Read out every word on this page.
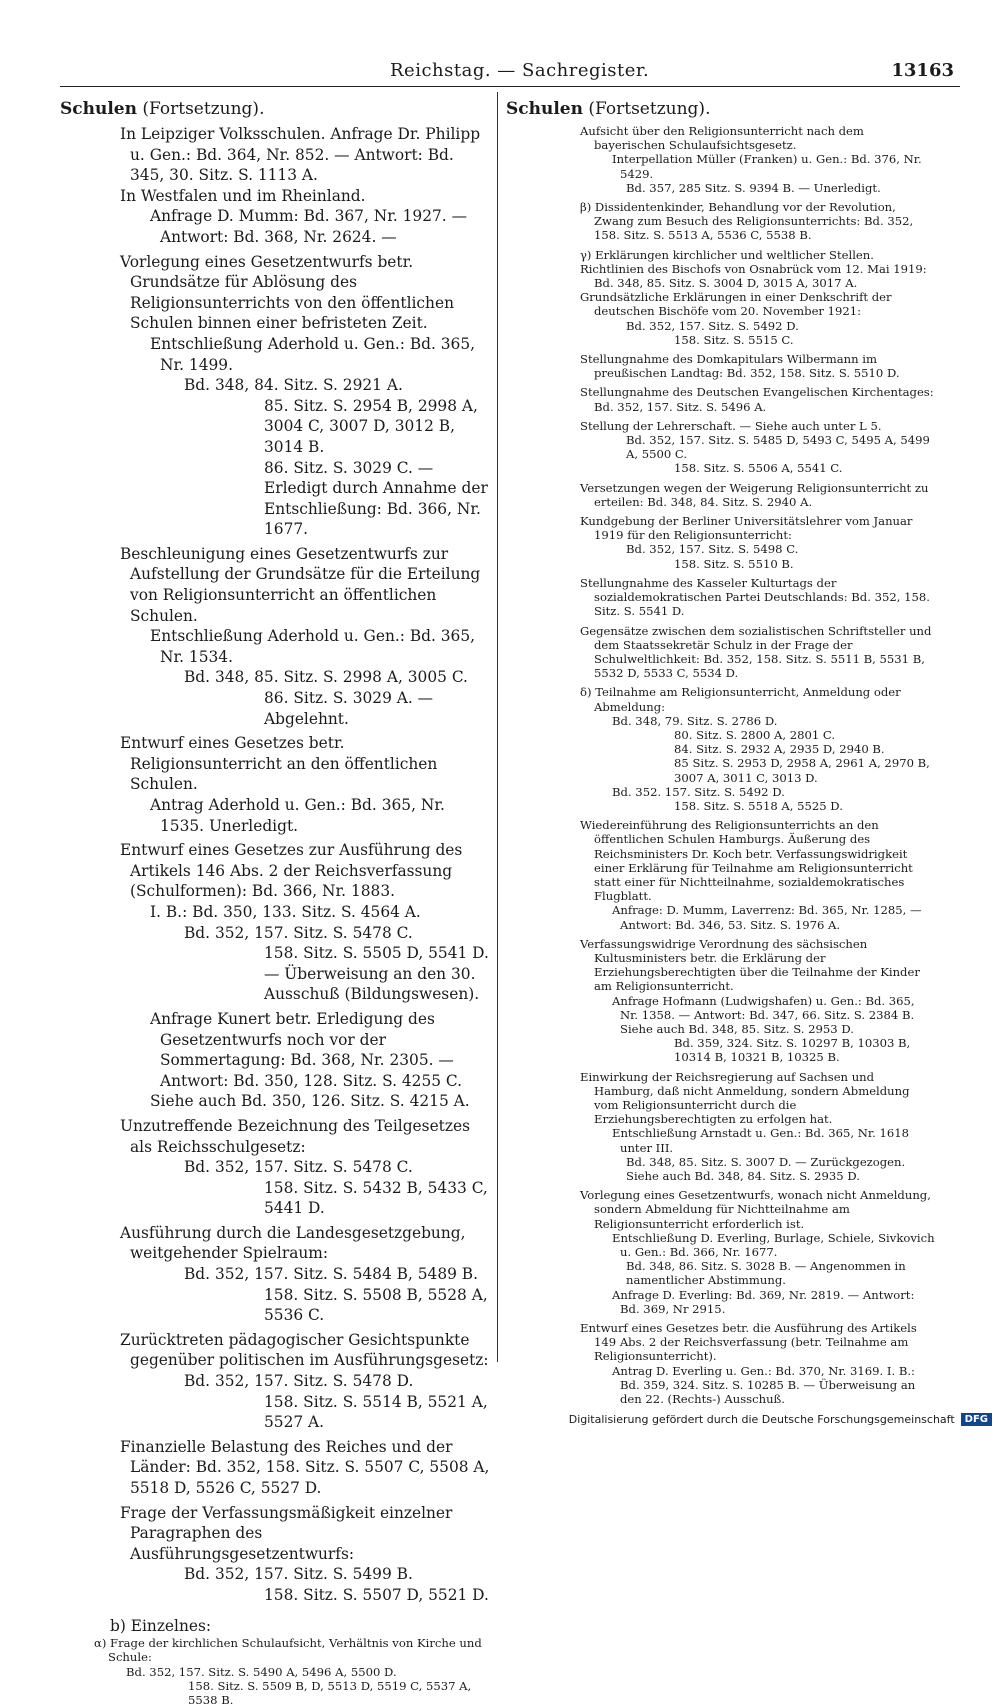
Reichstag. — Sachregister.	13163
Schulen (Fortsetzung).

In Leipziger Volksschulen. Anfrage Dr. Philipp u. Gen.: Bd. 364, Nr. 852. — Antwort: Bd. 345, 30. Sitz. S. 1113 A.

In Westfalen und im Rheinland.

Anfrage D. Mumm: Bd. 367, Nr. 1927. — Antwort: Bd. 368, Nr. 2624. —

Vorlegung eines Gesetzentwurfs betr. Grundsätze für Ablösung des Religionsunterrichts von den öffentlichen Schulen binnen einer befristeten Zeit.

Entschließung Aderhold u. Gen.: Bd. 365, Nr. 1499.

Bd. 348, 84. Sitz. S. 2921 A.

85. Sitz. S. 2954 B, 2998 A, 3004 C, 3007 D, 3012 B, 3014 B.

86. Sitz. S. 3029 C. — Erledigt durch Annahme der Entschließung: Bd. 366, Nr. 1677.

Beschleunigung eines Gesetzentwurfs zur Aufstellung der Grundsätze für die Erteilung von Religionsunterricht an öffentlichen Schulen.

Entschließung Aderhold u. Gen.: Bd. 365, Nr. 1534.

Bd. 348, 85. Sitz. S. 2998 A, 3005 C.

86. Sitz. S. 3029 A. — Abgelehnt.

Entwurf eines Gesetzes betr. Religionsunterricht an den öffentlichen Schulen.

Antrag Aderhold u. Gen.: Bd. 365, Nr. 1535. Unerledigt.

Entwurf eines Gesetzes zur Ausführung des Artikels 146 Abs. 2 der Reichsverfassung (Schulformen): Bd. 366, Nr. 1883.

I. B.: Bd. 350, 133. Sitz. S. 4564 A.

Bd. 352, 157. Sitz. S. 5478 C.

158. Sitz. S. 5505 D, 5541 D. — Überweisung an den 30. Ausschuß (Bildungswesen).

Anfrage Kunert betr. Erledigung des Gesetzentwurfs noch vor der Sommertagung: Bd. 368, Nr. 2305. — Antwort: Bd. 350, 128. Sitz. S. 4255 C.

Siehe auch Bd. 350, 126. Sitz. S. 4215 A.

Unzutreffende Bezeichnung des Teilgesetzes als Reichsschulgesetz:

Bd. 352, 157. Sitz. S. 5478 C.

158. Sitz. S. 5432 B, 5433 C, 5441 D.

Ausführung durch die Landesgesetzgebung, weitgehender Spielraum:

Bd. 352, 157. Sitz. S. 5484 B, 5489 B.

158. Sitz. S. 5508 B, 5528 A, 5536 C.

Zurücktreten pädagogischer Gesichtspunkte gegenüber politischen im Ausführungsgesetz:

Bd. 352, 157. Sitz. S. 5478 D.

158. Sitz. S. 5514 B, 5521 A, 5527 A.

Finanzielle Belastung des Reiches und der Länder: Bd. 352, 158. Sitz. S. 5507 C, 5508 A, 5518 D, 5526 C, 5527 D.

Frage der Verfassungsmäßigkeit einzelner Paragraphen des Ausführungsgesetzentwurfs:

Bd. 352, 157. Sitz. S. 5499 B.

158. Sitz. S. 5507 D, 5521 D.

b) Einzelnes:

α) Frage der kirchlichen Schulaufsicht, Verhältnis von Kirche und Schule:

Bd. 352, 157. Sitz. S. 5490 A, 5496 A, 5500 D.

158. Sitz. S. 5509 B, D, 5513 D, 5519 C, 5537 A, 5538 B.

Schulen (Fortsetzung).

Aufsicht über den Religionsunterricht nach dem bayerischen Schulaufsichtsgesetz.

Interpellation Müller (Franken) u. Gen.: Bd. 376, Nr. 5429.

Bd. 357, 285 Sitz. S. 9394 B. — Unerledigt.

β) Dissidentenkinder, Behandlung vor der Revolution, Zwang zum Besuch des Religionsunterrichts: Bd. 352, 158. Sitz. S. 5513 A, 5536 C, 5538 B.

γ) Erklärungen kirchlicher und weltlicher Stellen.

Richtlinien des Bischofs von Osnabrück vom 12. Mai 1919: Bd. 348, 85. Sitz. S. 3004 D, 3015 A, 3017 A.

Grundsätzliche Erklärungen in einer Denkschrift der deutschen Bischöfe vom 20. November 1921:

Bd. 352, 157. Sitz. S. 5492 D.

158. Sitz. S. 5515 C.

Stellungnahme des Domkapitulars Wilbermann im preußischen Landtag: Bd. 352, 158. Sitz. S. 5510 D.

Stellungnahme des Deutschen Evangelischen Kirchentages: Bd. 352, 157. Sitz. S. 5496 A.

Stellung der Lehrerschaft. — Siehe auch unter L 5.

Bd. 352, 157. Sitz. S. 5485 D, 5493 C, 5495 A, 5499 A, 5500 C.

158. Sitz. S. 5506 A, 5541 C.

Versetzungen wegen der Weigerung Religionsunterricht zu erteilen: Bd. 348, 84. Sitz. S. 2940 A.

Kundgebung der Berliner Universitätslehrer vom Januar 1919 für den Religionsunterricht:

Bd. 352, 157. Sitz. S. 5498 C.

158. Sitz. S. 5510 B.

Stellungnahme des Kasseler Kulturtags der sozialdemokratischen Partei Deutschlands: Bd. 352, 158. Sitz. S. 5541 D.

Gegensätze zwischen dem sozialistischen Schriftsteller und dem Staatssekretär Schulz in der Frage der Schulweltlichkeit: Bd. 352, 158. Sitz. S. 5511 B, 5531 B, 5532 D, 5533 C, 5534 D.

δ) Teilnahme am Religionsunterricht, Anmeldung oder Abmeldung:

Bd. 348, 79. Sitz. S. 2786 D.

80. Sitz. S. 2800 A, 2801 C.

84. Sitz. S. 2932 A, 2935 D, 2940 B.

85 Sitz. S. 2953 D, 2958 A, 2961 A, 2970 B, 3007 A, 3011 C, 3013 D.

Bd. 352. 157. Sitz. S. 5492 D.

158. Sitz. S. 5518 A, 5525 D.

Wiedereinführung des Religionsunterrichts an den öffentlichen Schulen Hamburgs. Äußerung des Reichsministers Dr. Koch betr. Verfassungswidrigkeit einer Erklärung für Teilnahme am Religionsunterricht statt einer für Nichtteilnahme, sozialdemokratisches Flugblatt.

Anfrage: D. Mumm, Laverrenz: Bd. 365, Nr. 1285, — Antwort: Bd. 346, 53. Sitz. S. 1976 A.

Verfassungswidrige Verordnung des sächsischen Kultusministers betr. die Erklärung der Erziehungsberechtigten über die Teilnahme der Kinder am Religionsunterricht.

Anfrage Hofmann (Ludwigshafen) u. Gen.: Bd. 365, Nr. 1358. — Antwort: Bd. 347, 66. Sitz. S. 2384 B. Siehe auch Bd. 348, 85. Sitz. S. 2953 D.

Bd. 359, 324. Sitz. S. 10297 B, 10303 B, 10314 B, 10321 B, 10325 B.

Einwirkung der Reichsregierung auf Sachsen und Hamburg, daß nicht Anmeldung, sondern Abmeldung vom Religionsunterricht durch die Erziehungsberechtigten zu erfolgen hat.

Entschließung Arnstadt u. Gen.: Bd. 365, Nr. 1618 unter III.

Bd. 348, 85. Sitz. S. 3007 D. — Zurückgezogen. Siehe auch Bd. 348, 84. Sitz. S. 2935 D.

Vorlegung eines Gesetzentwurfs, wonach nicht Anmeldung, sondern Abmeldung für Nichtteilnahme am Religionsunterricht erforderlich ist.

Entschließung D. Everling, Burlage, Schiele, Sivkovich u. Gen.: Bd. 366, Nr. 1677.

Bd. 348, 86. Sitz. S. 3028 B. — Angenommen in namentlicher Abstimmung.

Anfrage D. Everling: Bd. 369, Nr. 2819. — Antwort: Bd. 369, Nr 2915.

Entwurf eines Gesetzes betr. die Ausführung des Artikels 149 Abs. 2 der Reichsverfassung (betr. Teilnahme am Religionsunterricht).

Antrag D. Everling u. Gen.: Bd. 370, Nr. 3169. I. B.: Bd. 359, 324. Sitz. S. 10285 B. — Überweisung an den 22. (Rechts-) Ausschuß.

Digitalisierung gefördert durch die Deutsche Forschungsgemeinschaft	DFG
